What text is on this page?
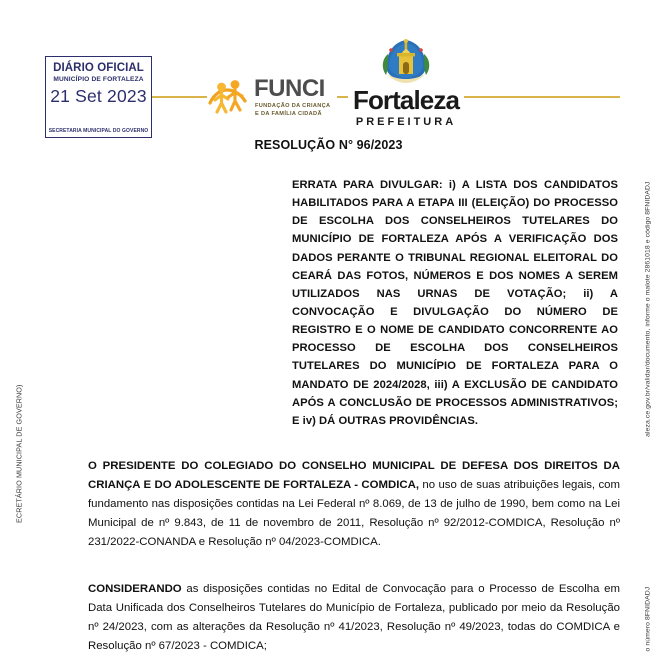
DIÁRIO OFICIAL
MUNICÍPIO DE FORTALEZA
21 Set 2023
SECRETARIA MUNICIPAL DO GOVERNO
FUNCI
FUNDAÇÃO DA CRIANÇA
E DA FAMÍLIA CIDADÃ	Fortaleza
PREFEITURA
RESOLUÇÃO N° 96/2023
ERRATA PARA DIVULGAR: i) A LISTA DOS CANDIDATOS HABILITADOS PARA A ETAPA III (ELEIÇÃO) DO PROCESSO DE ESCOLHA DOS CONSELHEIROS TUTELARES DO MUNICÍPIO DE FORTALEZA APÓS A VERIFICAÇÃO DOS DADOS PERANTE O TRIBUNAL REGIONAL ELEITORAL DO CEARÁ DAS FOTOS, NÚMEROS E DOS NOMES A SEREM UTILIZADOS NAS URNAS DE VOTAÇÃO; ii) A CONVOCAÇÃO E DIVULGAÇÃO DO NÚMERO DE REGISTRO E O NOME DE CANDIDATO CONCORRENTE AO PROCESSO DE ESCOLHA DOS CONSELHEIROS TUTELARES DO MUNICÍPIO DE FORTALEZA PARA O MANDATO DE 2024/2028, iii) A EXCLUSÃO DE CANDIDATO APÓS A CONCLUSÃO DE PROCESSOS ADMINISTRATIVOS; E iv) DÁ OUTRAS PROVIDÊNCIAS.
O PRESIDENTE DO COLEGIADO DO CONSELHO MUNICIPAL DE DEFESA DOS DIREITOS DA CRIANÇA E DO ADOLESCENTE DE FORTALEZA - COMDICA, no uso de suas atribuições legais, com fundamento nas disposições contidas na Lei Federal nº 8.069, de 13 de julho de 1990, bem como na Lei Municipal de nº 9.843, de 11 de novembro de 2011, Resolução nº 92/2012-COMDICA, Resolução nº 231/2022-CONANDA e Resolução nº 04/2023-COMDICA.
CONSIDERANDO as disposições contidas no Edital de Convocação para o Processo de Escolha em Data Unificada dos Conselheiros Tutelares do Município de Fortaleza, publicado por meio da Resolução nº 24/2023, com as alterações da Resolução nº 41/2023, Resolução nº 49/2023, todas do COMDICA e Resolução nº 67/2023 - COMDICA;
ECRETÁRIO MUNICIPAL DE GOVERNO)
o número 8FNIDADJ
aleza.ce.gov.br/validar/documento, informe o malote 2861018 e código 8FNIDADJ
